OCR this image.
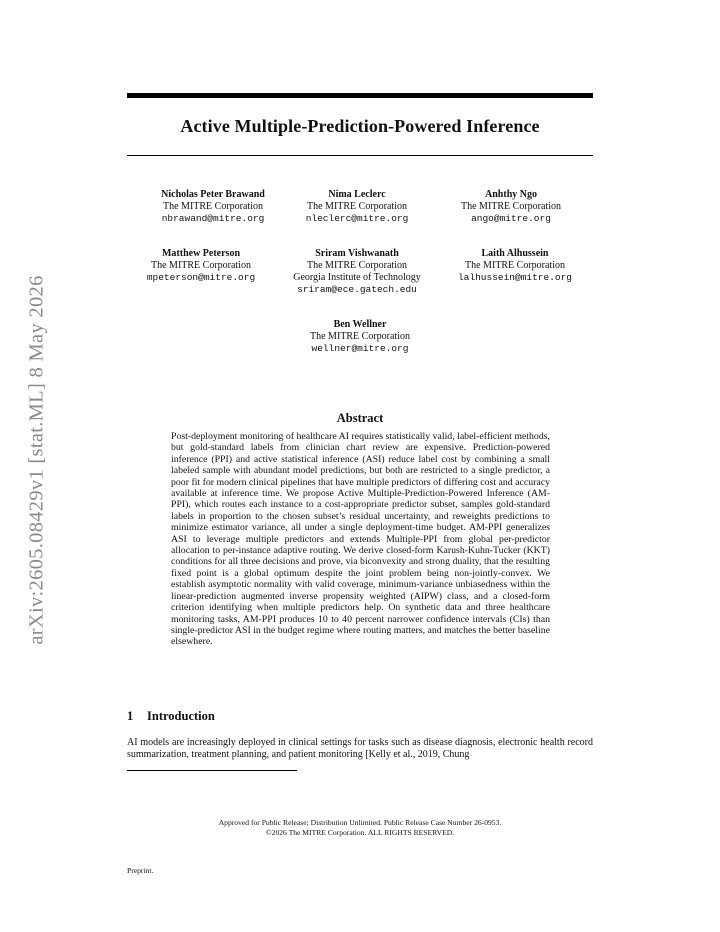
arXiv:2605.08429v1 [stat.ML] 8 May 2026
Active Multiple-Prediction-Powered Inference
Nicholas Peter Brawand
The MITRE Corporation
nbrawand@mitre.org
Nima Leclerc
The MITRE Corporation
nleclerc@mitre.org
Anhthy Ngo
The MITRE Corporation
ango@mitre.org
Matthew Peterson
The MITRE Corporation
mpeterson@mitre.org
Sriram Vishwanath
The MITRE Corporation
Georgia Institute of Technology
sriram@ece.gatech.edu
Laith Alhussein
The MITRE Corporation
lalhussein@mitre.org
Ben Wellner
The MITRE Corporation
wellner@mitre.org
Abstract
Post-deployment monitoring of healthcare AI requires statistically valid, label-efficient methods, but gold-standard labels from clinician chart review are expensive. Prediction-powered inference (PPI) and active statistical inference (ASI) reduce label cost by combining a small labeled sample with abundant model predictions, but both are restricted to a single predictor, a poor fit for modern clinical pipelines that have multiple predictors of differing cost and accuracy available at inference time. We propose Active Multiple-Prediction-Powered Inference (AM-PPI), which routes each instance to a cost-appropriate predictor subset, samples gold-standard labels in proportion to the chosen subset’s residual uncertainty, and reweights predictions to minimize estimator variance, all under a single deployment-time budget. AM-PPI generalizes ASI to leverage multiple predictors and extends Multiple-PPI from global per-predictor allocation to per-instance adaptive routing. We derive closed-form Karush-Kuhn-Tucker (KKT) conditions for all three decisions and prove, via biconvexity and strong duality, that the resulting fixed point is a global optimum despite the joint problem being non-jointly-convex. We establish asymptotic normality with valid coverage, minimum-variance unbiasedness within the linear-prediction augmented inverse propensity weighted (AIPW) class, and a closed-form criterion identifying when multiple predictors help. On synthetic data and three healthcare monitoring tasks, AM-PPI produces 10 to 40 percent narrower confidence intervals (CIs) than single-predictor ASI in the budget regime where routing matters, and matches the better baseline elsewhere.
1 Introduction
AI models are increasingly deployed in clinical settings for tasks such as disease diagnosis, electronic health record summarization, treatment planning, and patient monitoring [Kelly et al., 2019, Chung
Approved for Public Release; Distribution Unlimited. Public Release Case Number 26-0953.
©2026 The MITRE Corporation. ALL RIGHTS RESERVED.
Preprint.
